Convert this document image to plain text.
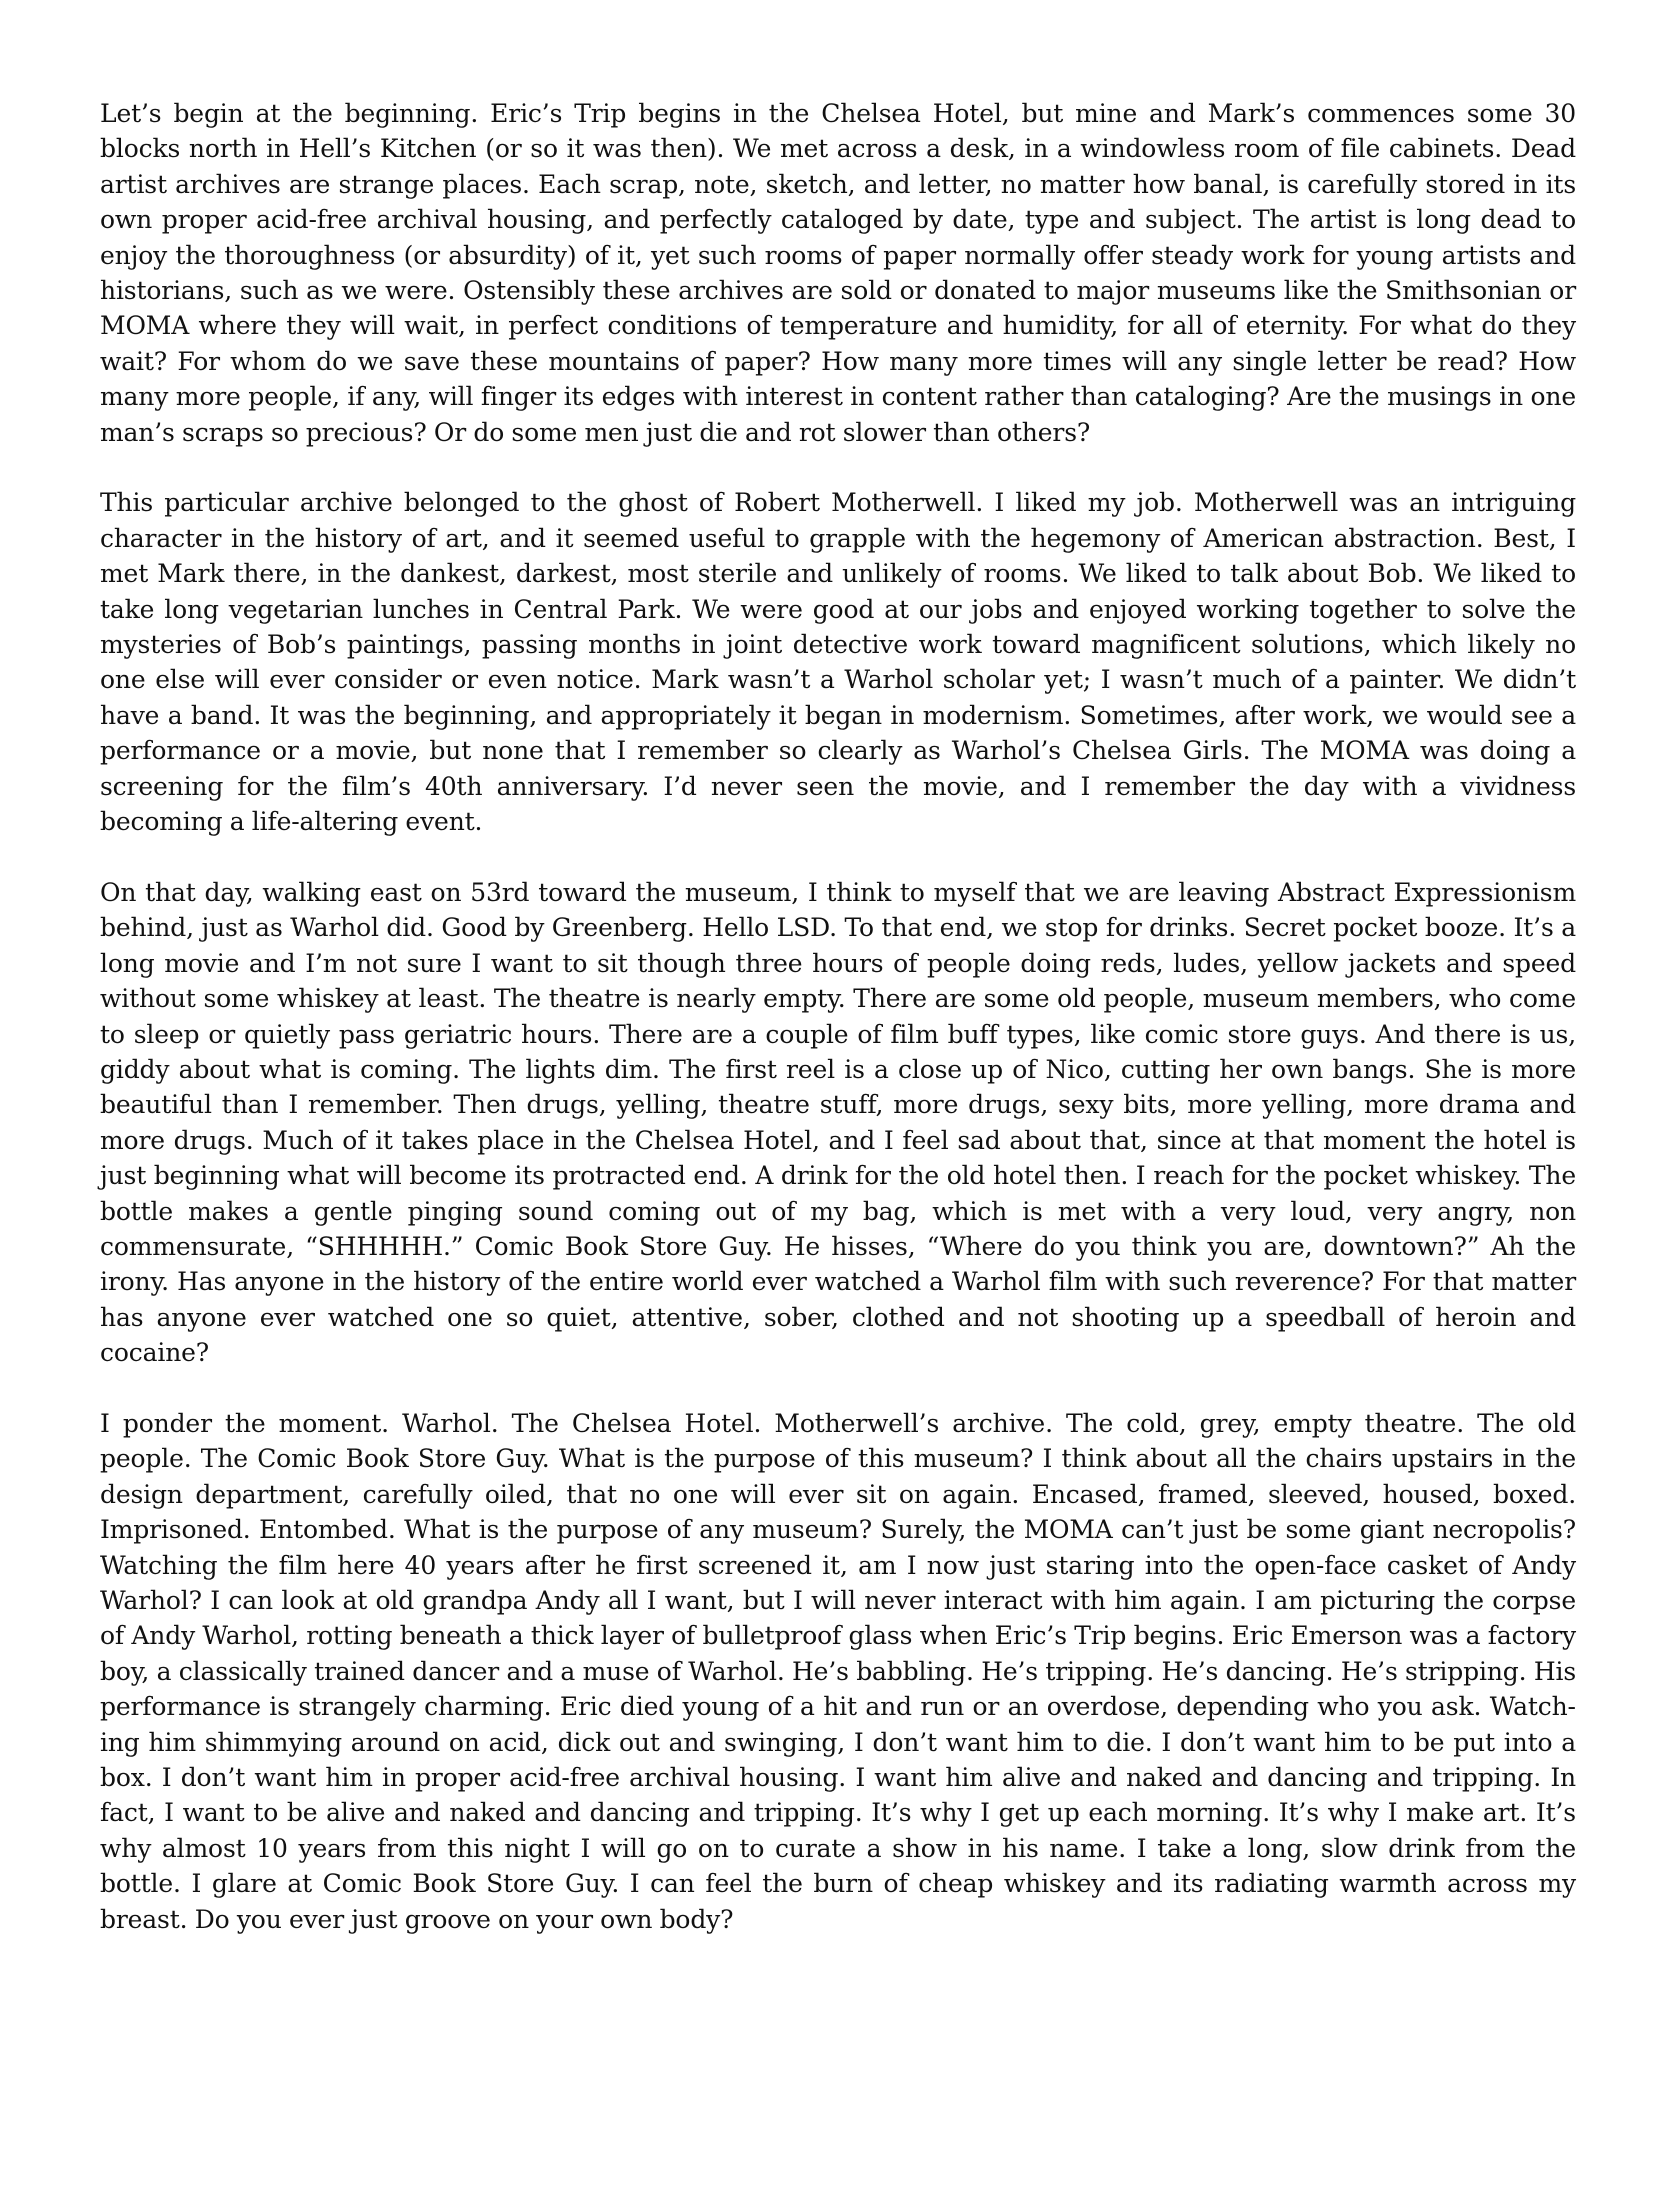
Let’s begin at the beginning. Eric’s Trip begins in the Chelsea Hotel, but mine and Mark’s commences some 30 blocks north in Hell’s Kitchen (or so it was then). We met across a desk, in a windowless room of file cabinets. Dead artist archives are strange places. Each scrap, note, sketch, and letter, no matter how banal, is carefully stored in its own proper acid-free archival housing, and perfectly cataloged by date, type and subject. The artist is long dead to enjoy the thoroughness (or absurdity) of it, yet such rooms of paper normally offer steady work for young artists and historians, such as we were. Ostensibly these archives are sold or donated to major museums like the Smithsonian or MOMA where they will wait, in perfect conditions of temperature and humidity, for all of eternity. For what do they wait? For whom do we save these mountains of paper? How many more times will any single letter be read? How many more people, if any, will finger its edges with interest in content rather than cataloging? Are the musings in one man’s scraps so precious? Or do some men just die and rot slower than others?

This particular archive belonged to the ghost of Robert Motherwell. I liked my job. Motherwell was an intriguing character in the history of art, and it seemed useful to grapple with the hegemony of American abstraction. Best, I met Mark there, in the dankest, darkest, most sterile and unlikely of rooms. We liked to talk about Bob. We liked to take long vegetarian lunches in Central Park. We were good at our jobs and enjoyed working together to solve the mysteries of Bob’s paintings, passing months in joint detective work toward magnificent solutions, which likely no one else will ever consider or even notice. Mark wasn’t a Warhol scholar yet; I wasn’t much of a painter. We didn’t have a band. It was the beginning, and appropriately it began in modernism. Sometimes, after work, we would see a performance or a movie, but none that I remember so clearly as Warhol’s Chelsea Girls. The MOMA was doing a screening for the film’s 40th anniversary. I’d never seen the movie, and I remember the day with a vividness becoming a life-altering event.

On that day, walking east on 53rd toward the museum, I think to myself that we are leaving Abstract Expressionism behind, just as Warhol did. Good by Greenberg. Hello LSD. To that end, we stop for drinks. Secret pocket booze. It’s a long movie and I’m not sure I want to sit though three hours of people doing reds, ludes, yellow jackets and speed without some whiskey at least. The theatre is nearly empty. There are some old people, museum members, who come to sleep or quietly pass geriatric hours. There are a couple of film buff types, like comic store guys. And there is us, giddy about what is coming. The lights dim. The first reel is a close up of Nico, cutting her own bangs. She is more beautiful than I remember. Then drugs, yelling, theatre stuff, more drugs, sexy bits, more yelling, more drama and more drugs. Much of it takes place in the Chelsea Hotel, and I feel sad about that, since at that moment the hotel is just beginning what will become its protracted end. A drink for the old hotel then. I reach for the pocket whiskey. The bottle makes a gentle pinging sound coming out of my bag, which is met with a very loud, very angry, non commensurate, “SHHHHH.” Comic Book Store Guy. He hisses, “Where do you think you are, downtown?” Ah the irony. Has anyone in the history of the entire world ever watched a Warhol film with such reverence? For that matter has anyone ever watched one so quiet, attentive, sober, clothed and not shooting up a speedball of heroin and cocaine?

I ponder the moment. Warhol. The Chelsea Hotel. Motherwell’s archive. The cold, grey, empty theatre. The old people. The Comic Book Store Guy. What is the purpose of this museum? I think about all the chairs upstairs in the design department, carefully oiled, that no one will ever sit on again. Encased, framed, sleeved, housed, boxed. Imprisoned. Entombed. What is the purpose of any museum? Surely, the MOMA can’t just be some giant necropolis? Watching the film here 40 years after he first screened it, am I now just staring into the open-face casket of Andy Warhol? I can look at old grandpa Andy all I want, but I will never interact with him again. I am picturing the corpse of Andy Warhol, rotting beneath a thick layer of bulletproof glass when Eric’s Trip begins. Eric Emerson was a factory boy, a classically trained dancer and a muse of Warhol. He’s babbling. He’s tripping. He’s dancing. He’s stripping. His performance is strangely charming. Eric died young of a hit and run or an overdose, depending who you ask. Watching him shimmying around on acid, dick out and swinging, I don’t want him to die. I don’t want him to be put into a box. I don’t want him in proper acid-free archival housing. I want him alive and naked and dancing and tripping. In fact, I want to be alive and naked and dancing and tripping. It’s why I get up each morning. It’s why I make art. It’s why almost 10 years from this night I will go on to curate a show in his name. I take a long, slow drink from the bottle. I glare at Comic Book Store Guy. I can feel the burn of cheap whiskey and its radiating warmth across my breast. Do you ever just groove on your own body?
